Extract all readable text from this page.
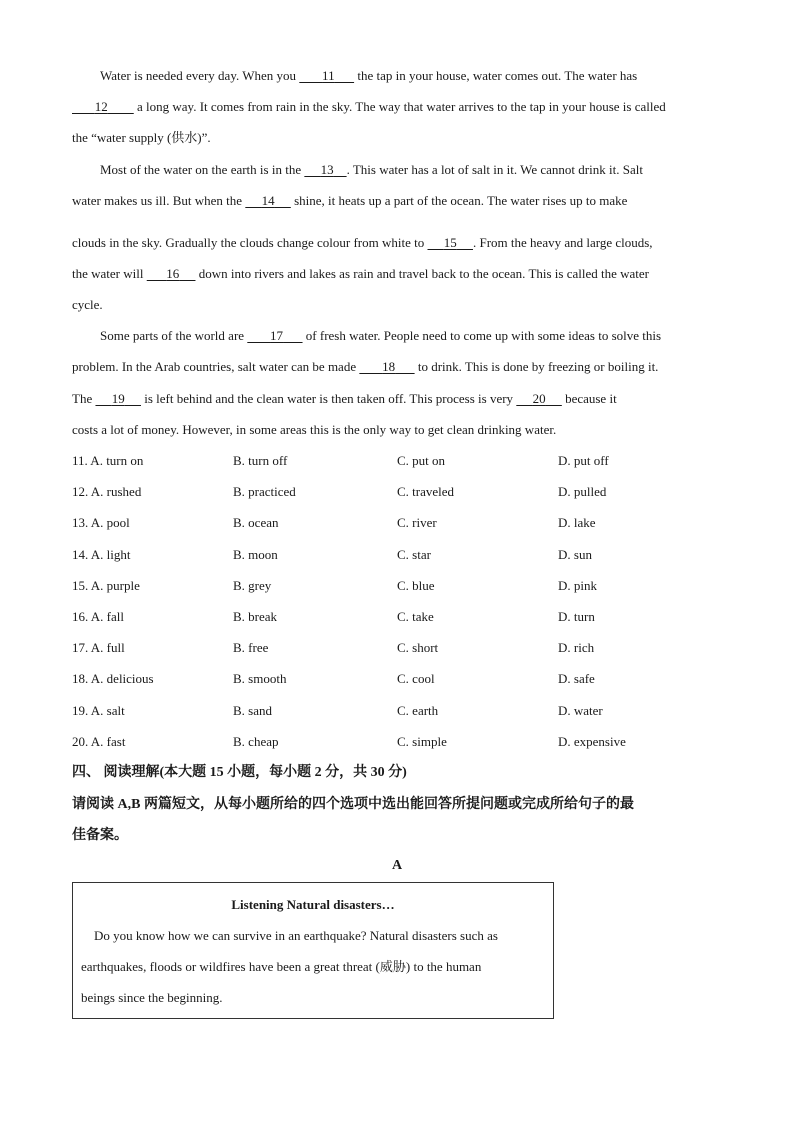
Water is needed every day. When you        11       the tap in your house, water comes out. The water has
12         a long way. It comes from rain in the sky. The way that water arrives to the tap in your house is called
the “water supply (供水)”.
Most of the water on the earth is in the      13 . This water has a lot of salt in it. We cannot drink it. Salt
water makes us ill. But when the      14      shine, it heats up a part of the ocean. The water rises up to make
clouds in the sky. Gradually the clouds change colour from white to      15 . From the heavy and large clouds,
the water will       16      down into rivers and lakes as rain and travel back to the ocean. This is called the water
cycle.
Some parts of the world are        17       of fresh water. People need to come up with some ideas to solve this
problem. In the Arab countries, salt water can be made        18       to drink. This is done by freezing or boiling it.
The      19      is left behind and the clean water is then taken off. This process is very      20      because it
costs a lot of money. However, in some areas this is the only way to get clean drinking water.
11. A. turn on	B. turn off	C. put on	D. put off
12. A. rushed	B. practiced	C. traveled	D. pulled
13. A. pool	B. ocean	C. river	D. lake
14. A. light	B. moon	C. star	D. sun
15. A. purple	B. grey	C. blue	D. pink
16. A. fall	B. break	C. take	D. turn
17. A. full	B. free	C. short	D. rich
18. A. delicious	B. smooth	C. cool	D. safe
19. A. salt	B. sand	C. earth	D. water
20. A. fast	B. cheap	C. simple	D. expensive
四、 阅读理解(本大题 15 小题，每小题 2 分，共 30 分)
请阅读 A,B 两篇短文，从每小题所给的四个选项中选出能回答所提问题或完成所给句子的最
佳备案。
A
Listening Natural disasters…
Do you know how we can survive in an earthquake? Natural disasters such as
earthquakes, floods or wildfires have been a great threat (威胁) to the human
beings since the beginning.
